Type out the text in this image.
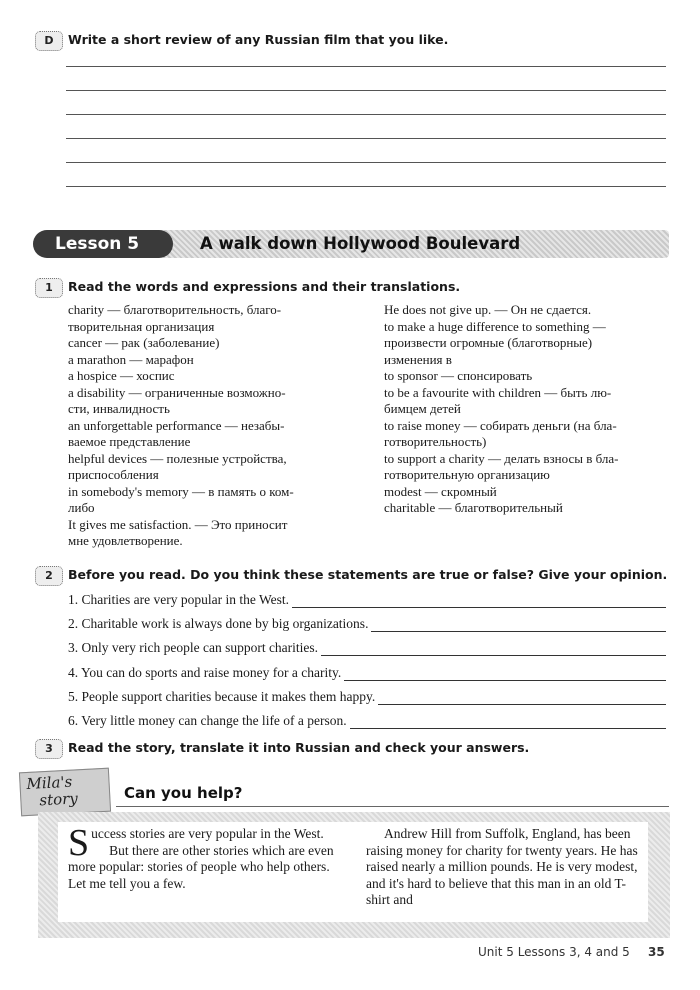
D	Write a short review of any Russian film that you like.
Lesson 5	A walk down Hollywood Boulevard
1	Read the words and expressions and their translations.
charity — благотворительность, благо-
творительная организация
cancer — рак (заболевание)
a marathon — марафон
a hospice — хоспис
a disability — ограниченные возможно-
сти, инвалидность
an unforgettable performance — незабы-
ваемое представление
helpful devices — полезные устройства,
приспособления
in somebody's memory — в память о ком-
либо
It gives me satisfaction. — Это приносит
мне удовлетворение.
He does not give up. — Он не сдается.
to make a huge difference to something —
произвести огромные (благотворные)
изменения в
to sponsor — спонсировать
to be a favourite with children — быть лю-
бимцем детей
to raise money — собирать деньги (на бла-
готворительность)
to support a charity — делать взносы в бла-
готворительную организацию
modest — скромный
charitable — благотворительный
2	Before you read. Do you think these statements are true or false? Give your opinion.
1. Charities are very popular in the West.
2. Charitable work is always done by big organizations.
3. Only very rich people can support charities.
4. You can do sports and raise money for a charity.
5. People support charities because it makes them happy.
6. Very little money can change the life of a person.
3	Read the story, translate it into Russian and check your answers.
Mila's
story	Can you help?
Success stories are very popular in the West.
But there are other stories which are even more popular: stories of people who help others. Let me tell you a few.
Andrew Hill from Suffolk, England, has been raising money for charity for twenty years. He has raised nearly a million pounds. He is very modest, and it's hard to believe that this man in an old T-shirt and
Unit 5 Lessons 3, 4 and 5 35
